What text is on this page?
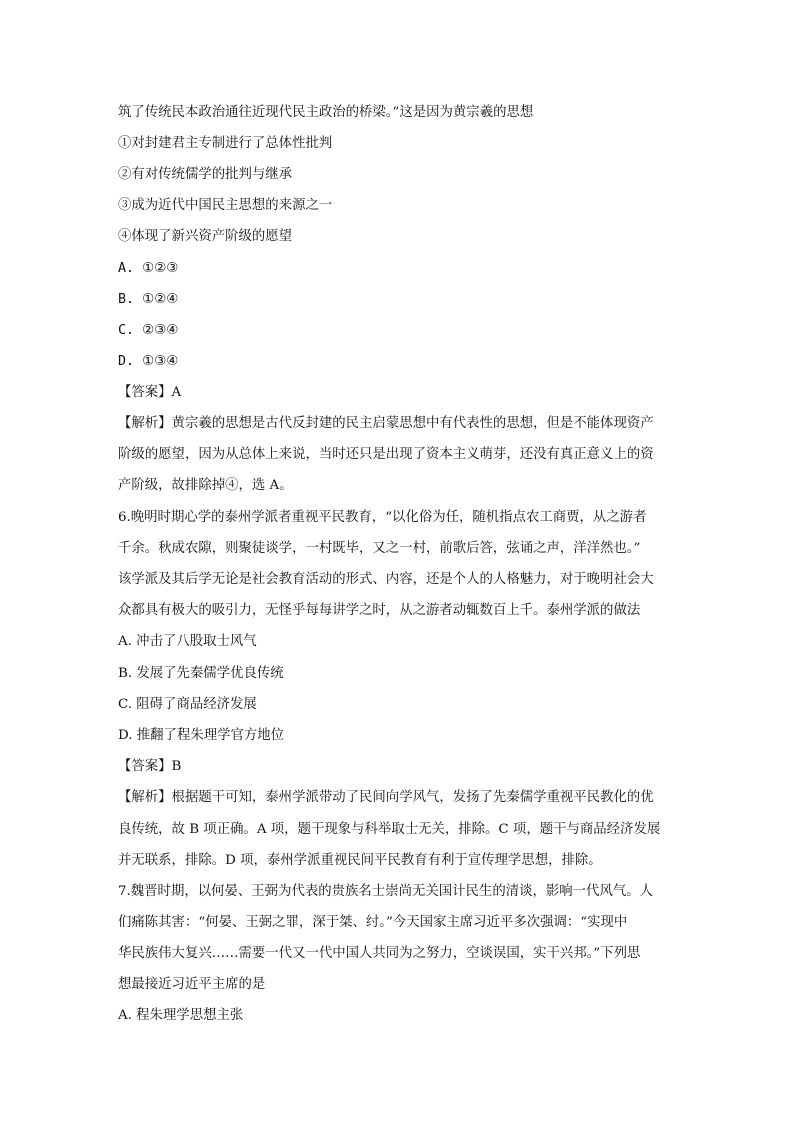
筑了传统民本政治通往近现代民主政治的桥梁。”这是因为黄宗羲的思想
①对封建君主专制进行了总体性批判
②有对传统儒学的批判与继承
③成为近代中国民主思想的来源之一
④体现了新兴资产阶级的愿望
A. ①②③
B. ①②④
C. ②③④
D. ①③④
【答案】A
【解析】黄宗羲的思想是古代反封建的民主启蒙思想中有代表性的思想，但是不能体现资产
阶级的愿望，因为从总体上来说，当时还只是出现了资本主义萌芽，还没有真正意义上的资
产阶级，故排除掉④，选 A。
6.晚明时期心学的泰州学派者重视平民教育，“以化俗为任，随机指点农工商贾，从之游者
千余。秋成农隙，则聚徒谈学，一村既毕，又之一村，前歌后答，弦诵之声，洋洋然也。”
该学派及其后学无论是社会教育活动的形式、内容，还是个人的人格魅力，对于晚明社会大
众都具有极大的吸引力，无怪乎每每讲学之时，从之游者动辄数百上千。泰州学派的做法
A. 冲击了八股取士风气
B. 发展了先秦儒学优良传统
C. 阻碍了商品经济发展
D. 推翻了程朱理学官方地位
【答案】B
【解析】根据题干可知，泰州学派带动了民间向学风气，发扬了先秦儒学重视平民教化的优
良传统，故 B 项正确。A 项，题干现象与科举取士无关，排除。C 项，题干与商品经济发展
并无联系，排除。D 项，泰州学派重视民间平民教育有利于宣传理学思想，排除。
7.魏晋时期，以何晏、王弼为代表的贵族名士崇尚无关国计民生的清谈，影响一代风气。人
们痛陈其害：“何晏、王弼之罪，深于桀、纣。”今天国家主席习近平多次强调：“实现中
华民族伟大复兴……需要一代又一代中国人共同为之努力，空谈误国，实干兴邦。”下列思
想最接近习近平主席的是
A. 程朱理学思想主张
